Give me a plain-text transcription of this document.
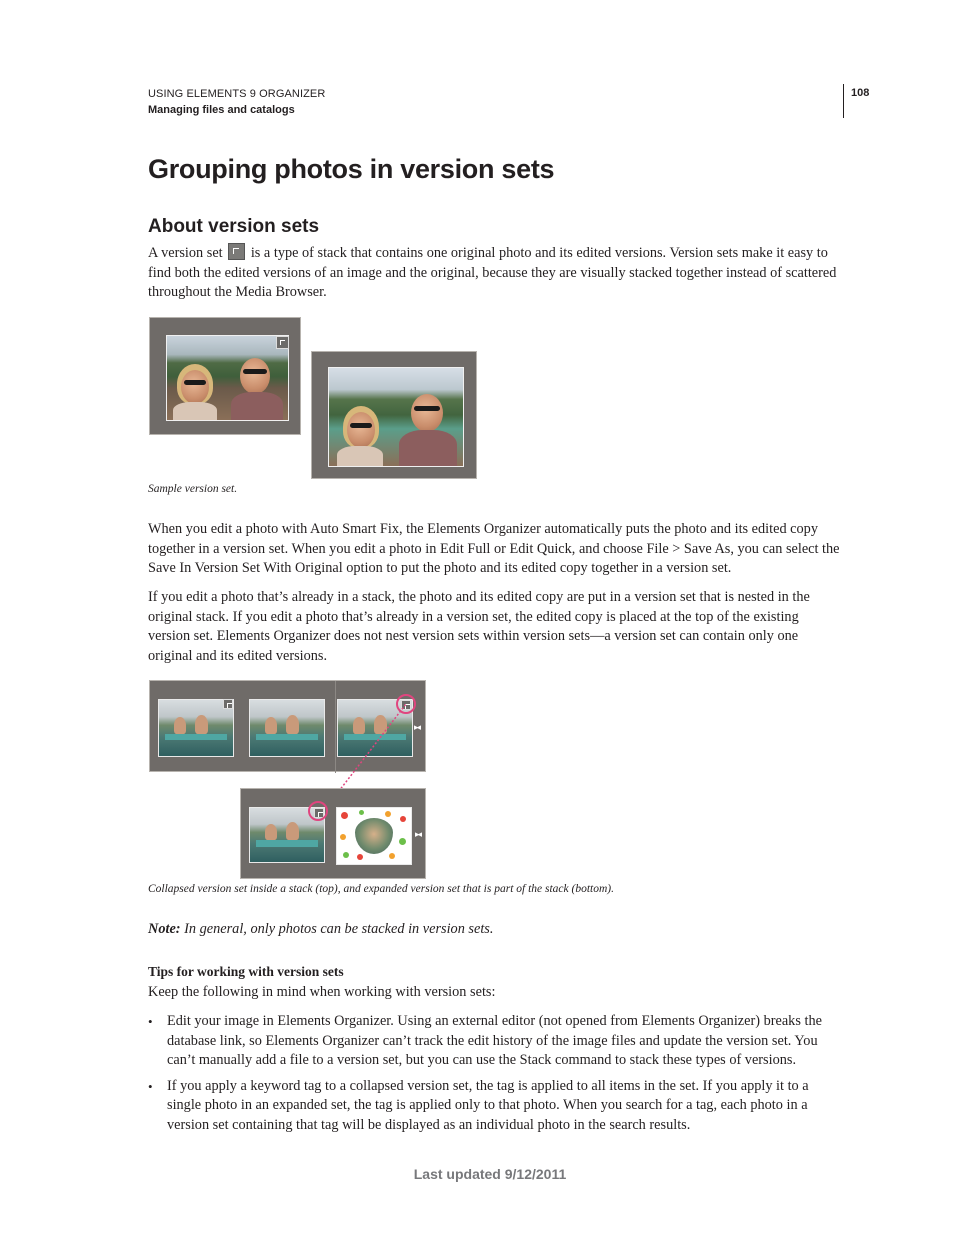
USING ELEMENTS 9 ORGANIZER
Managing files and catalogs
108
Grouping photos in version sets
About version sets

A version set is a type of stack that contains one original photo and its edited versions. Version sets make it easy to find both the edited versions of an image and the original, because they are visually stacked together instead of scattered throughout the Media Browser.

Sample version set.

When you edit a photo with Auto Smart Fix, the Elements Organizer automatically puts the photo and its edited copy together in a version set. When you edit a photo in Edit Full or Edit Quick, and choose File > Save As, you can select the Save In Version Set With Original option to put the photo and its edited copy together in a version set.

If you edit a photo that’s already in a stack, the photo and its edited copy are put in a version set that is nested in the original stack. If you edit a photo that’s already in a version set, the edited copy is placed at the top of the existing version set. Elements Organizer does not nest version sets within version sets—a version set can contain only one original and its edited versions.

▸◂
▸◂

Collapsed version set inside a stack (top), and expanded version set that is part of the stack (bottom).

Note: In general, only photos can be stacked in version sets.

Tips for working with version sets

Keep the following in mind when working with version sets:

• Edit your image in Elements Organizer. Using an external editor (not opened from Elements Organizer) breaks the database link, so Elements Organizer can’t track the edit history of the image files and update the version set. You can’t manually add a file to a version set, but you can use the Stack command to stack these types of versions.
• If you apply a keyword tag to a collapsed version set, the tag is applied to all items in the set. If you apply it to a single photo in an expanded set, the tag is applied only to that photo. When you search for a tag, each photo in a version set containing that tag will be displayed as an individual photo in the search results.
Last updated 9/12/2011
